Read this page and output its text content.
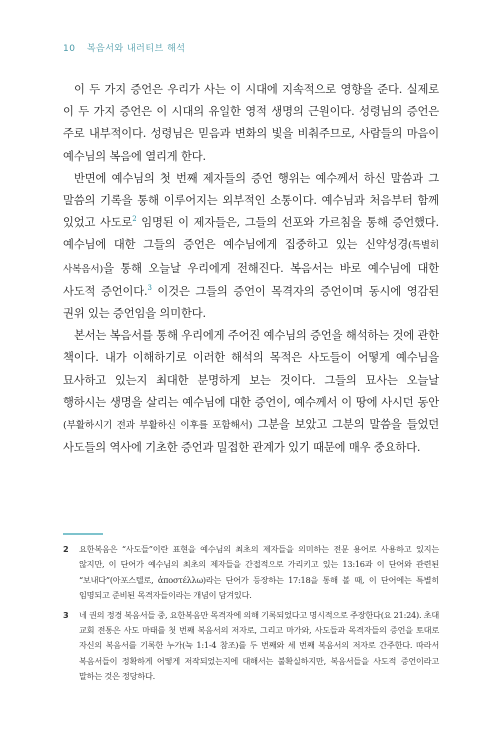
10 복음서와 내러티브 해석

이 두 가지 증언은 우리가 사는 이 시대에 지속적으로 영향을 준다. 실제로 이 두 가지 증언은 이 시대의 유일한 영적 생명의 근원이다. 성령님의 증언은 주로 내부적이다. 성령님은 믿음과 변화의 빛을 비춰주므로, 사람들의 마음이 예수님의 복음에 열리게 한다.

반면에 예수님의 첫 번째 제자들의 증언 행위는 예수께서 하신 말씀과 그 말씀의 기록을 통해 이루어지는 외부적인 소통이다. 예수님과 처음부터 함께 있었고 사도로$^2$ 임명된 이 제자들은, 그들의 선포와 가르침을 통해 증언했다. 예수님에 대한 그들의 증언은 예수님에게 집중하고 있는 신약성경(특별히 사복음서)을 통해 오늘날 우리에게 전해진다. 복음서는 바로 예수님에 대한 사도적 증언이다.$^3$ 이것은 그들의 증언이 목격자의 증언이며 동시에 영감된 권위 있는 증언임을 의미한다.

본서는 복음서를 통해 우리에게 주어진 예수님의 증언을 해석하는 것에 관한 책이다. 내가 이해하기로 이러한 해석의 목적은 사도들이 어떻게 예수님을 묘사하고 있는지 최대한 분명하게 보는 것이다. 그들의 묘사는 오늘날 행하시는 생명을 살리는 예수님에 대한 증언이, 예수께서 이 땅에 사시던 동안(부활하시기 전과 부활하신 이후를 포함해서) 그분을 보았고 그분의 말씀을 들었던 사도들의 역사에 기초한 증언과 밀접한 관계가 있기 때문에 매우 중요하다.

2	요한복음은 “사도들”이란 표현을 예수님의 최초의 제자들을 의미하는 전문 용어로 사용하고 있지는 않지만, 이 단어가 예수님의 최초의 제자들을 간접적으로 가리키고 있는 13:16과 이 단어와 관련된 “보내다”(아포스텔로, ἀποστέλλω)라는 단어가 등장하는 17:18을 통해 볼 때, 이 단어에는 특별히 임명되고 준비된 목격자들이라는 개념이 담겨있다.
3	네 권의 정경 복음서들 중, 요한복음만 목격자에 의해 기록되었다고 명시적으로 주장한다(요 21:24). 초대 교회 전통은 사도 마태를 첫 번째 복음서의 저자로, 그리고 마가와, 사도들과 목격자들의 증언을 토대로 자신의 복음서를 기록한 누가(눅 1:1-4 참조)를 두 번째와 세 번째 복음서의 저자로 간주한다. 따라서 복음서들이 정확하게 어떻게 저작되었는지에 대해서는 불확실하지만, 복음서들을 사도적 증언이라고 말하는 것은 정당하다.
